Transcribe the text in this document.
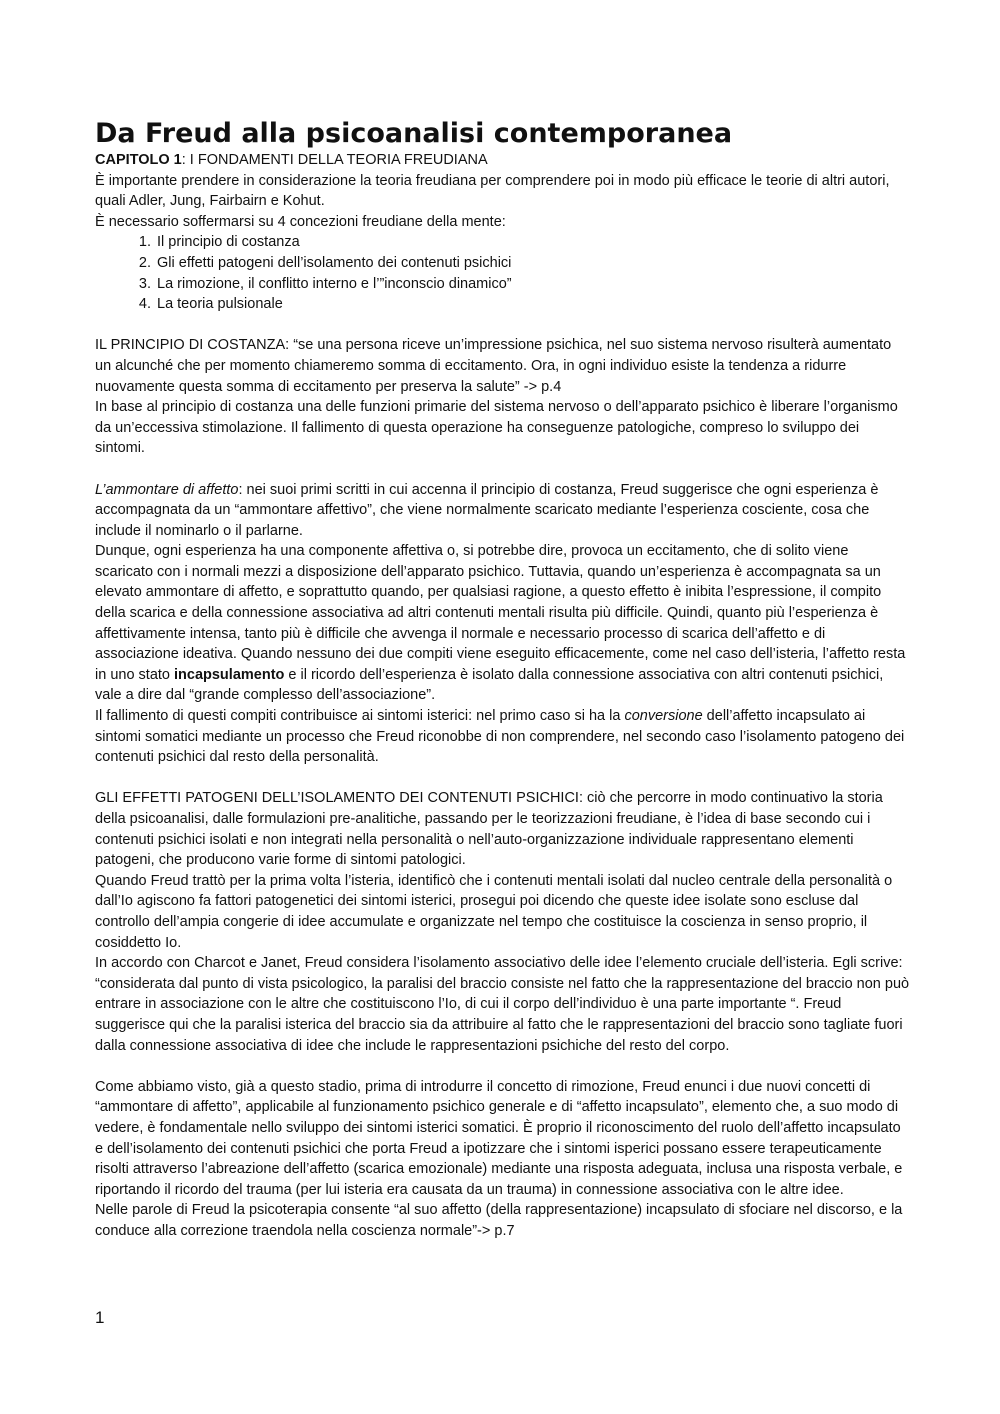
Da Freud alla psicoanalisi contemporanea

CAPITOLO 1: I FONDAMENTI DELLA TEORIA FREUDIANA

È importante prendere in considerazione la teoria freudiana per comprendere poi in modo più efficace le teorie di altri autori, quali Adler, Jung, Fairbairn e Kohut.

È necessario soffermarsi su 4 concezioni freudiane della mente:

1. Il principio di costanza
2. Gli effetti patogeni dell’isolamento dei contenuti psichici
3. La rimozione, il conflitto interno e l’”inconscio dinamico”
4. La teoria pulsionale

IL PRINCIPIO DI COSTANZA: “se una persona riceve un’impressione psichica, nel suo sistema nervoso risulterà aumentato un alcunché che per momento chiameremo somma di eccitamento. Ora, in ogni individuo esiste la tendenza a ridurre nuovamente questa somma di eccitamento per preserva la salute” -> p.4

In base al principio di costanza una delle funzioni primarie del sistema nervoso o dell’apparato psichico è liberare l’organismo da un’eccessiva stimolazione. Il fallimento di questa operazione ha conseguenze patologiche, compreso lo sviluppo dei sintomi.

L’ammontare di affetto: nei suoi primi scritti in cui accenna il principio di costanza, Freud suggerisce che ogni esperienza è accompagnata da un “ammontare affettivo”, che viene normalmente scaricato mediante l’esperienza cosciente, cosa che include il nominarlo o il parlarne.

Dunque, ogni esperienza ha una componente affettiva o, si potrebbe dire, provoca un eccitamento, che di solito viene scaricato con i normali mezzi a disposizione dell’apparato psichico. Tuttavia, quando un’esperienza è accompagnata sa un elevato ammontare di affetto, e soprattutto quando, per qualsiasi ragione, a questo effetto è inibita l’espressione, il compito della scarica e della connessione associativa ad altri contenuti mentali risulta più difficile. Quindi, quanto più l’esperienza è affettivamente intensa, tanto più è difficile che avvenga il normale e necessario processo di scarica dell’affetto e di associazione ideativa. Quando nessuno dei due compiti viene eseguito efficacemente, come nel caso dell’isteria, l’affetto resta in uno stato incapsulamento e il ricordo dell’esperienza è isolato dalla connessione associativa con altri contenuti psichici, vale a dire dal “grande complesso dell’associazione”.

Il fallimento di questi compiti contribuisce ai sintomi isterici: nel primo caso si ha la conversione dell’affetto incapsulato ai sintomi somatici mediante un processo che Freud riconobbe di non comprendere, nel secondo caso l’isolamento patogeno dei contenuti psichici dal resto della personalità.

GLI EFFETTI PATOGENI DELL’ISOLAMENTO DEI CONTENUTI PSICHICI: ciò che percorre in modo continuativo la storia della psicoanalisi, dalle formulazioni pre-analitiche, passando per le teorizzazioni freudiane, è l’idea di base secondo cui i contenuti psichici isolati e non integrati nella personalità o nell’auto-organizzazione individuale rappresentano elementi patogeni, che producono varie forme di sintomi patologici.

Quando Freud trattò per la prima volta l’isteria, identificò che i contenuti mentali isolati dal nucleo centrale della personalità o dall’Io agiscono fa fattori patogenetici dei sintomi isterici, prosegui poi dicendo che queste idee isolate sono escluse dal controllo dell’ampia congerie di idee accumulate e organizzate nel tempo che costituisce la coscienza in senso proprio, il cosiddetto Io.

In accordo con Charcot e Janet, Freud considera l’isolamento associativo delle idee l’elemento cruciale dell’isteria. Egli scrive: “considerata dal punto di vista psicologico, la paralisi del braccio consiste nel fatto che la rappresentazione del braccio non può entrare in associazione con le altre che costituiscono l’Io, di cui il corpo dell’individuo è una parte importante “. Freud suggerisce qui che la paralisi isterica del braccio sia da attribuire al fatto che le rappresentazioni del braccio sono tagliate fuori dalla connessione associativa di idee che include le rappresentazioni psichiche del resto del corpo.

Come abbiamo visto, già a questo stadio, prima di introdurre il concetto di rimozione, Freud enunci i due nuovi concetti di “ammontare di affetto”, applicabile al funzionamento psichico generale e di “affetto incapsulato”, elemento che, a suo modo di vedere, è fondamentale nello sviluppo dei sintomi isterici somatici. È proprio il riconoscimento del ruolo dell’affetto incapsulato e dell’isolamento dei contenuti psichici che porta Freud a ipotizzare che i sintomi isperici possano essere terapeuticamente risolti attraverso l’abreazione dell’affetto (scarica emozionale) mediante una risposta adeguata, inclusa una risposta verbale, e riportando il ricordo del trauma (per lui isteria era causata da un trauma) in connessione associativa con le altre idee.

Nelle parole di Freud la psicoterapia consente “al suo affetto (della rappresentazione) incapsulato di sfociare nel discorso, e la conduce alla correzione traendola nella coscienza normale”-> p.7

1
